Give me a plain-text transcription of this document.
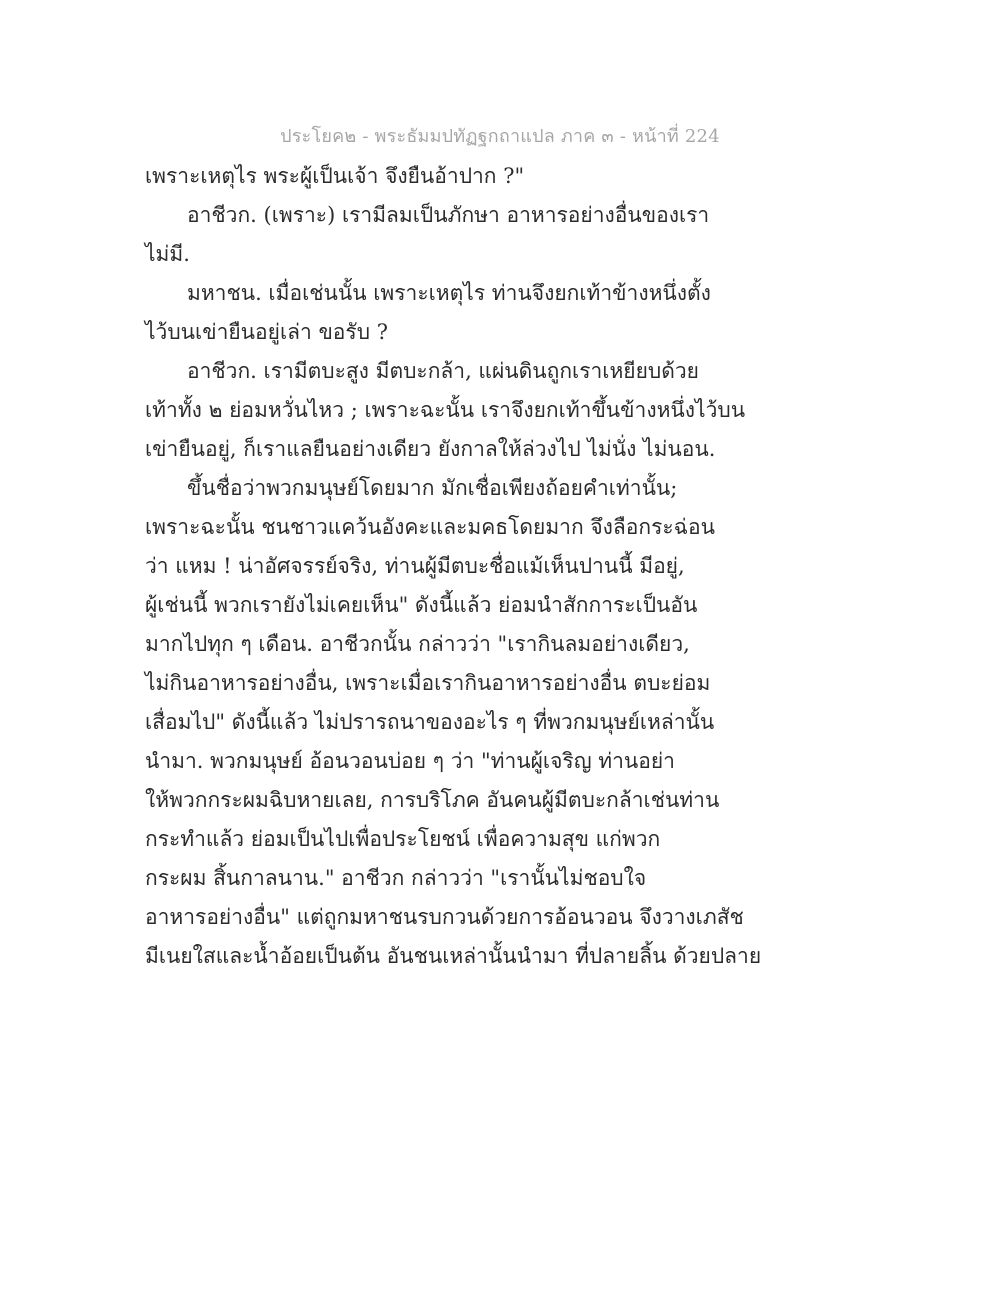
ประโยค๒ - พระธัมมปทัฏฐกถาแปล ภาค ๓ - หน้าที่ 224
เพราะเหตุไร พระผู้เป็นเจ้า จึงยืนอ้าปาก ?"
อาชีวก. (เพราะ) เรามีลมเป็นภักษา อาหารอย่างอื่นของเรา
ไม่มี.
มหาชน. เมื่อเช่นนั้น เพราะเหตุไร ท่านจึงยกเท้าข้างหนึ่งตั้ง
ไว้บนเข่ายืนอยู่เล่า ขอรับ ?
อาชีวก. เรามีตบะสูง มีตบะกล้า, แผ่นดินถูกเราเหยียบด้วย
เท้าทั้ง ๒ ย่อมหวั่นไหว ; เพราะฉะนั้น เราจึงยกเท้าขึ้นข้างหนึ่งไว้บน
เข่ายืนอยู่, ก็เราแลยืนอย่างเดียว ยังกาลให้ล่วงไป ไม่นั่ง ไม่นอน.
ขึ้นชื่อว่าพวกมนุษย์โดยมาก มักเชื่อเพียงถ้อยคำเท่านั้น;
เพราะฉะนั้น ชนชาวแคว้นอังคะและมคธโดยมาก จึงลือกระฉ่อน
ว่า แหม ! น่าอัศจรรย์จริง, ท่านผู้มีตบะชื่อแม้เห็นปานนี้ มีอยู่,
ผู้เช่นนี้ พวกเรายังไม่เคยเห็น" ดังนี้แล้ว ย่อมนำสักการะเป็นอัน
มากไปทุก ๆ เดือน. อาชีวกนั้น กล่าวว่า "เรากินลมอย่างเดียว,
ไม่กินอาหารอย่างอื่น, เพราะเมื่อเรากินอาหารอย่างอื่น ตบะย่อม
เสื่อมไป" ดังนี้แล้ว ไม่ปรารถนาของอะไร ๆ ที่พวกมนุษย์เหล่านั้น
นำมา. พวกมนุษย์ อ้อนวอนบ่อย ๆ ว่า "ท่านผู้เจริญ ท่านอย่า
ให้พวกกระผมฉิบหายเลย, การบริโภค อันคนผู้มีตบะกล้าเช่นท่าน
กระทำแล้ว ย่อมเป็นไปเพื่อประโยชน์ เพื่อความสุข แก่พวก
กระผม สิ้นกาลนาน." อาชีวก กล่าวว่า "เรานั้นไม่ชอบใจ
อาหารอย่างอื่น" แต่ถูกมหาชนรบกวนด้วยการอ้อนวอน จึงวางเภสัช
มีเนยใสและน้ำอ้อยเป็นต้น อันชนเหล่านั้นนำมา ที่ปลายลิ้น ด้วยปลาย
